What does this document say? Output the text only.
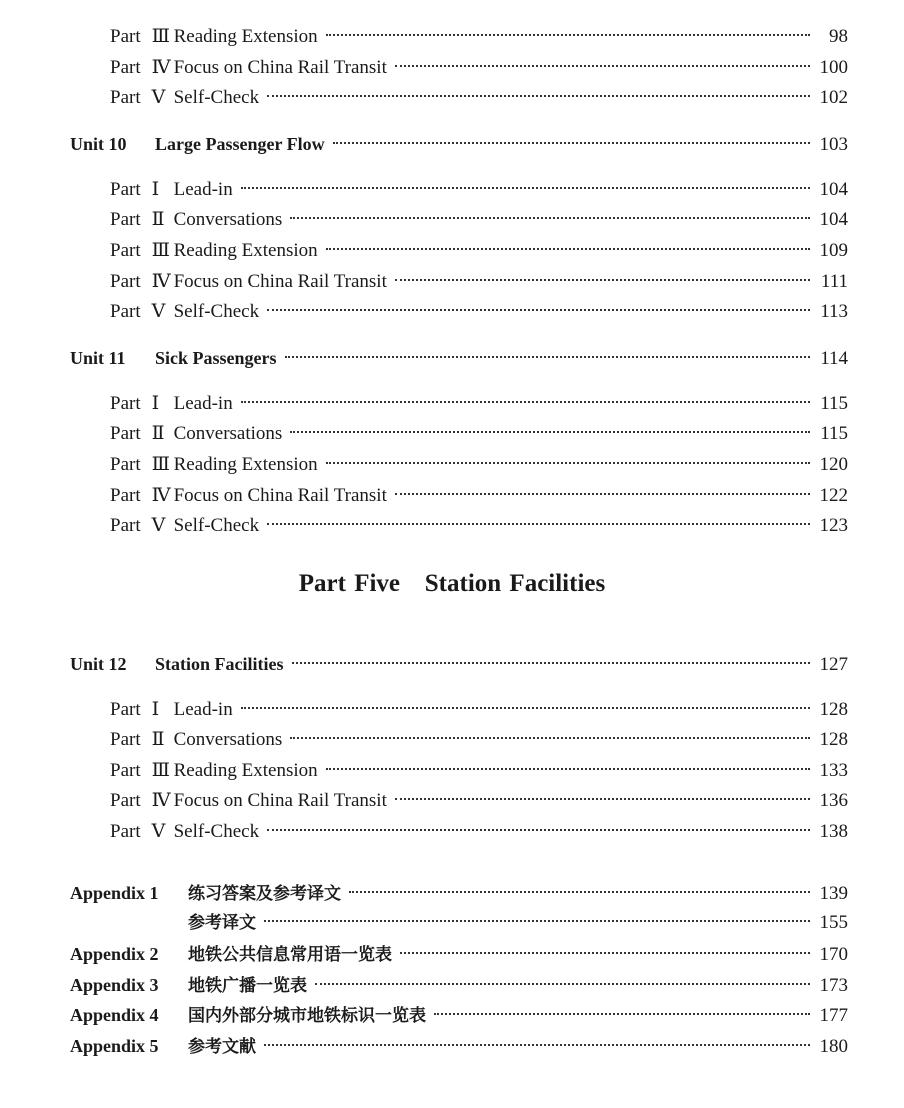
Part Ⅲ Reading Extension	98
Part Ⅳ Focus on China Rail Transit	100
Part Ⅴ Self-Check	102
Unit 10	Large Passenger Flow	103
Part Ⅰ Lead-in	104
Part Ⅱ Conversations	104
Part Ⅲ Reading Extension	109
Part Ⅳ Focus on China Rail Transit	111
Part Ⅴ Self-Check	113
Unit 11	Sick Passengers	114
Part Ⅰ Lead-in	115
Part Ⅱ Conversations	115
Part Ⅲ Reading Extension	120
Part Ⅳ Focus on China Rail Transit	122
Part Ⅴ Self-Check	123
Part Five   Station Facilities
Unit 12	Station Facilities	127
Part Ⅰ Lead-in	128
Part Ⅱ Conversations	128
Part Ⅲ Reading Extension	133
Part Ⅳ Focus on China Rail Transit	136
Part Ⅴ Self-Check	138
Appendix 1	练习答案及参考译文	139
参考译文	155
Appendix 2	地铁公共信息常用语一览表	170
Appendix 3	地铁广播一览表	173
Appendix 4	国内外部分城市地铁标识一览表	177
Appendix 5	参考文献	180
